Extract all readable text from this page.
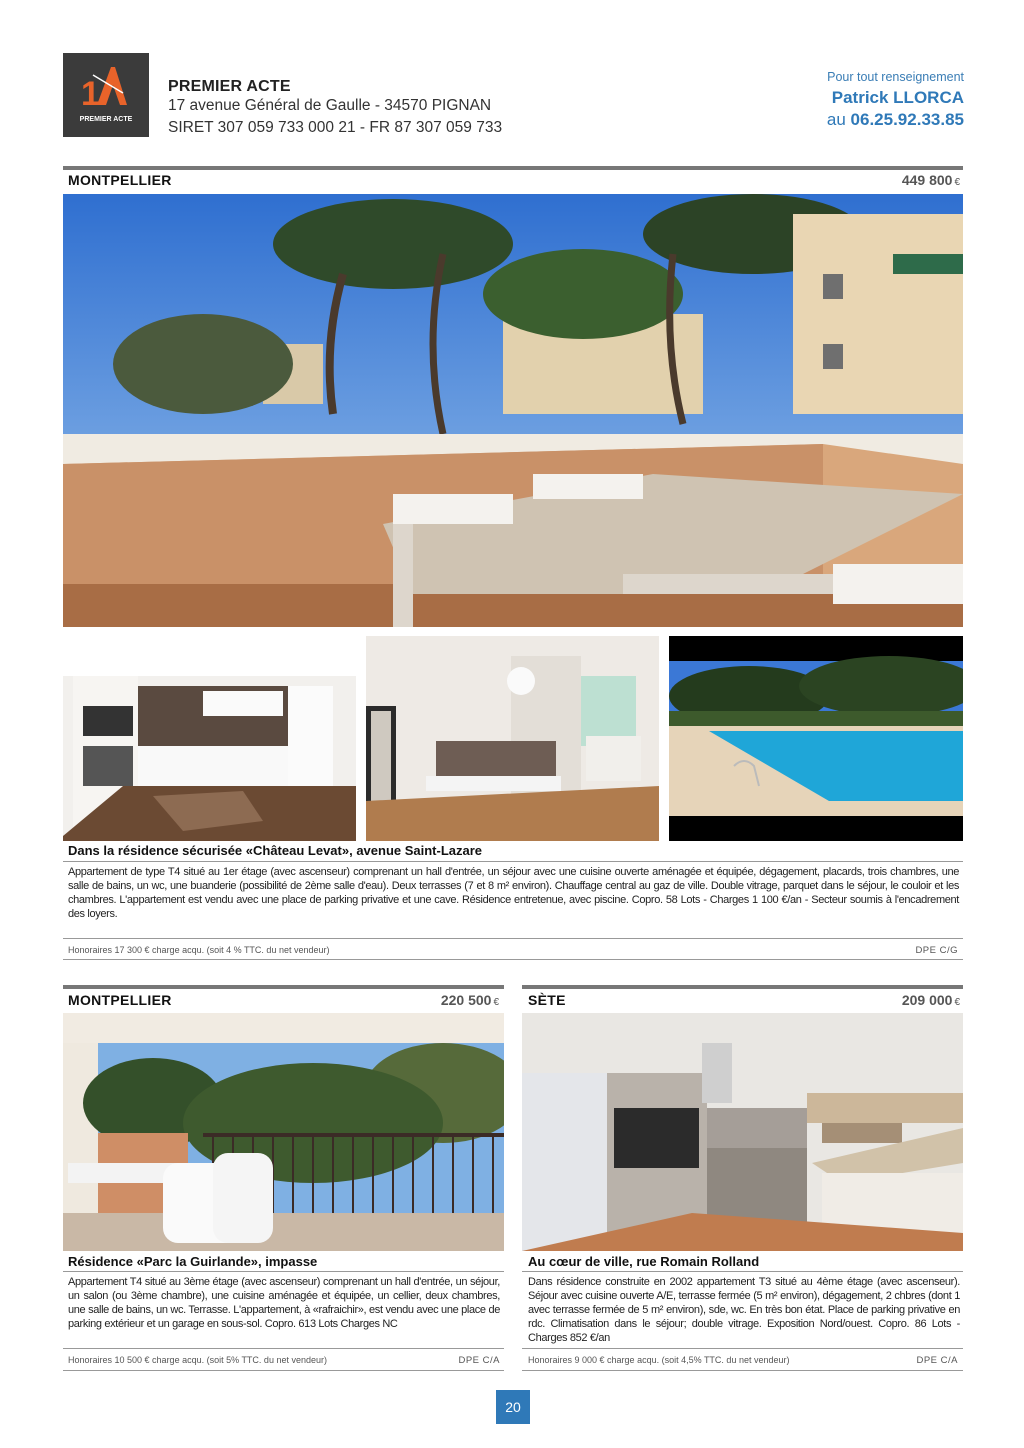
1
PREMIER ACTE
PREMIER ACTE
17 avenue Général de Gaulle - 34570 PIGNAN
SIRET 307 059 733 000 21 - FR 87 307 059 733
Pour tout renseignement
Patrick LLORCA
au 06.25.92.33.85
MONTPELLIER	449 800 €
Dans la résidence sécurisée «Château Levat», avenue Saint-Lazare
Appartement de type T4 situé au 1er étage (avec ascenseur) comprenant un hall d'entrée, un séjour avec une cuisine ouverte aménagée et équipée, dégagement, placards, trois chambres, une salle de bains, un wc, une buanderie (possibilité de 2ème salle d'eau). Deux terrasses (7 et 8 m² environ). Chauffage central au gaz de ville. Double vitrage, parquet dans le séjour, le couloir et les chambres. L'appartement est vendu avec une place de parking privative et une cave. Résidence entretenue, avec piscine. Copro. 58 Lots - Charges 1 100 €/an - Secteur soumis à l'encadrement des loyers.
Honoraires 17 300 € charge acqu. (soit 4 % TTC. du net vendeur)	DPE C/G
MONTPELLIER	220 500 €
Résidence «Parc la Guirlande», impasse
Appartement T4 situé au 3ème étage (avec ascenseur) comprenant un hall d'entrée, un séjour, un salon (ou 3ème chambre), une cuisine aménagée et équipée, un cellier, deux chambres, une salle de bains, un wc. Terrasse. L'appartement, à «rafraichir», est vendu avec une place de parking extérieur et un garage en sous-sol. Copro. 613 Lots Charges NC
Honoraires 10 500 € charge acqu. (soit 5% TTC. du net vendeur)	DPE C/A
SÈTE	209 000 €
Au cœur de ville, rue Romain Rolland
Dans résidence construite en 2002 appartement T3 situé au 4ème étage (avec ascenseur). Séjour avec cuisine ouverte A/E, terrasse fermée (5 m² environ), dégagement, 2 chbres (dont 1 avec terrasse fermée de 5 m² environ), sde, wc. En très bon état. Place de parking privative en rdc. Climatisation dans le séjour; double vitrage. Exposition Nord/ouest. Copro. 86 Lots - Charges 852 €/an
Honoraires 9 000 € charge acqu. (soit 4,5% TTC. du net vendeur)	DPE C/A
20
